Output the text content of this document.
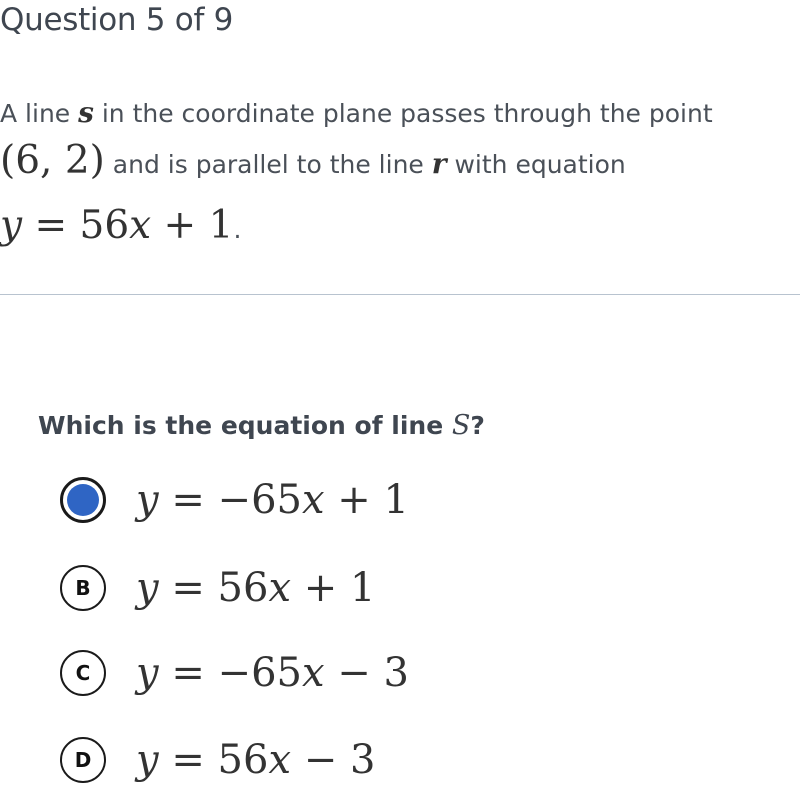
Question 5 of 9
A line s in the coordinate plane passes through the point
(6, 2) and is parallel to the line r with equation
y = 56x + 1.
Which is the equation of line S?
y = −65x + 1
B y = 56x + 1
C y = −65x − 3
D y = 56x − 3
